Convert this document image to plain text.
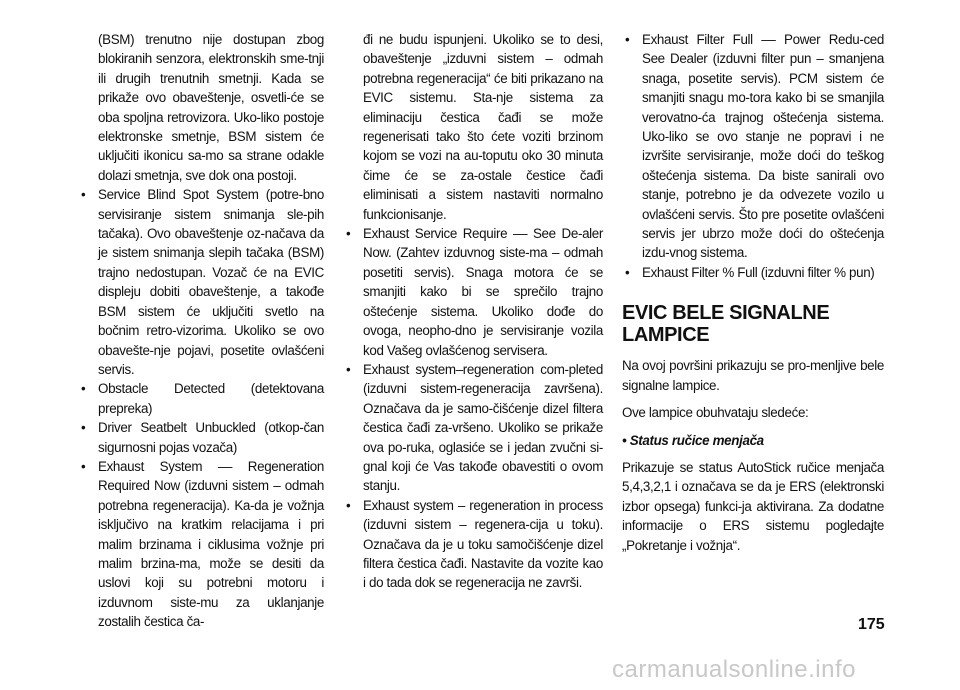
(BSM) trenutno nije dostupan zbog blokiranih senzora, elektronskih sme-tnji ili drugih trenutnih smetnji. Kada se prikaže ovo obaveštenje, osvetli-će se oba spoljna retrovizora. Uko-liko postoje elektronske smetnje, BSM sistem će uključiti ikonicu sa-mo sa strane odakle dolazi smetnja, sve dok ona postoji.

• Service Blind Spot System (potre-bno servisiranje sistem snimanja sle-pih tačaka). Ovo obaveštenje oz-načava da je sistem snimanja slepih tačaka (BSM) trajno nedostupan. Vozač će na EVIC displeju dobiti obaveštenje, a takođe BSM sistem će uključiti svetlo na bočnim retro-vizorima. Ukoliko se ovo obavešte-nje pojavi, posetite ovlašćeni servis.

• Obstacle Detected (detektovana prepreka)

• Driver Seatbelt Unbuckled (otkop-čan sigurnosni pojas vozača)

• Exhaust System –– Regeneration Required Now (izduvni sistem – odmah potrebna regeneracija). Ka-da je vožnja isključivo na kratkim relacijama i pri malim brzinama i ciklusima vožnje pri malim brzina-ma, može se desiti da uslovi koji su potrebni motoru i izduvnom siste-mu za uklanjanje zostalih čestica ča-

đi ne budu ispunjeni. Ukoliko se to desi, obaveštenje „izduvni sistem – odmah potrebna regeneracija“ će biti prikazano na EVIC sistemu. Sta-nje sistema za eliminaciju čestica čađi se može regenerisati tako što ćete voziti brzinom kojom se vozi na au-toputu oko 30 minuta čime će se za-ostale čestice čađi eliminisati a sistem nastaviti normalno funkcionisanje.

• Exhaust Service Require –– See De-aler Now. (Zahtev izduvnog siste-ma – odmah posetiti servis). Snaga motora će se smanjiti kako bi se sprečilo trajno oštećenje sistema. Ukoliko dođe do ovoga, neopho-dno je servisiranje vozila kod Vašeg ovlašćenog servisera.

• Exhaust system–regeneration com-pleted (izduvni sistem-regeneracija završena). Označava da je samo-čišćenje dizel filtera čestica čađi za-vršeno. Ukoliko se prikaže ova po-ruka, oglasiće se i jedan zvučni si-gnal koji će Vas takođe obavestiti o ovom stanju.

• Exhaust system – regeneration in process (izduvni sistem – regenera-cija u toku). Označava da je u toku samočišćenje dizel filtera čestica čađi. Nastavite da vozite kao i do tada dok se regeneracija ne završi.

• Exhaust Filter Full –– Power Redu-ced See Dealer (izduvni filter pun – smanjena snaga, posetite servis). PCM sistem će smanjiti snagu mo-tora kako bi se smanjila verovatno-ća trajnog oštećenja sistema. Uko-liko se ovo stanje ne popravi i ne izvršite servisiranje, može doći do teškog oštećenja sistema. Da biste sanirali ovo stanje, potrebno je da odvezete vozilo u ovlašćeni servis. Što pre posetite ovlašćeni servis jer ubrzo može doći do oštećenja izdu-vnog sistema.

• Exhaust Filter % Full (izduvni filter % pun)

EVIC BELE SIGNALNE LAMPICE

Na ovoj površini prikazuju se pro-menljive bele signalne lampice.

Ove lampice obuhvataju sledeće:

• Status ručice menjača

Prikazuje se status AutoStick ručice menjača 5,4,3,2,1 i označava se da je ERS (elektronski izbor opsega) funkci-ja aktivirana. Za dodatne informacije o ERS sistemu pogledajte „Pokretanje i vožnja“.

175
carmanualsonline.info
